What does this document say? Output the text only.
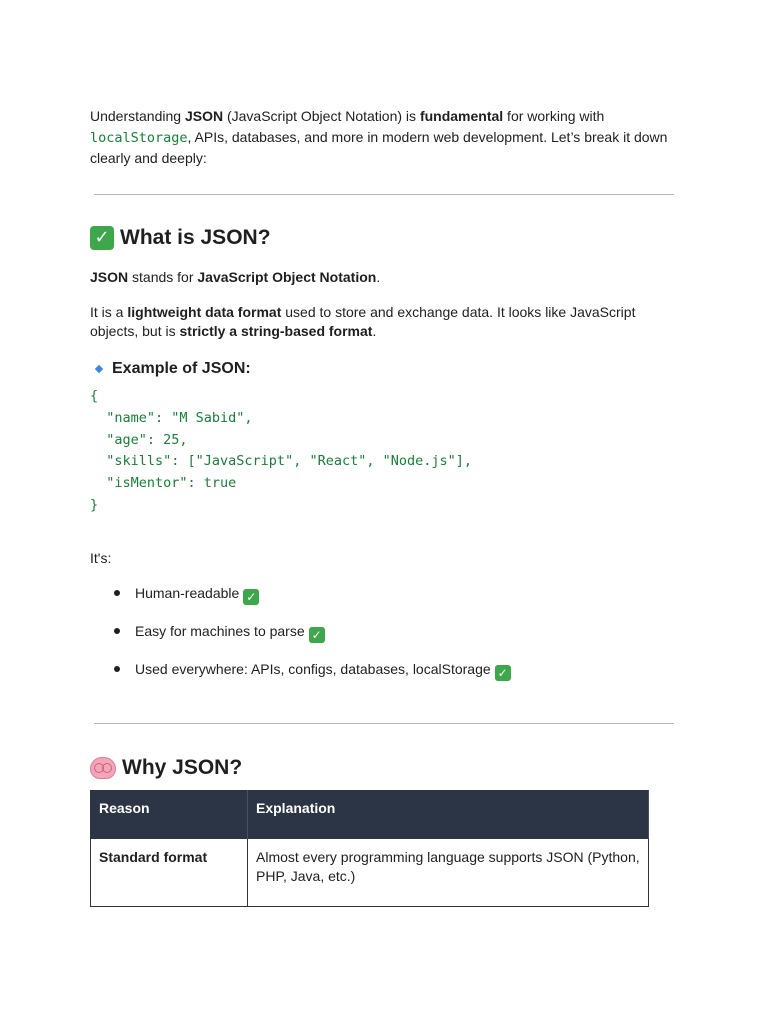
Understanding JSON (JavaScript Object Notation) is fundamental for working with localStorage, APIs, databases, and more in modern web development. Let’s break it down clearly and deeply:

✓ What is JSON?

JSON stands for JavaScript Object Notation.

It is a lightweight data format used to store and exchange data. It looks like JavaScript objects, but is strictly a string-based format.

Example of JSON:
{
"name": "M Sabid",
"age": 25,
"skills": ["JavaScript", "React", "Node.js"],
"isMentor": true
}

It's:

Human-readable ✓
Easy for machines to parse ✓
Used everywhere: APIs, configs, databases, localStorage ✓
Why JSON?
Reason	Explanation
Standard format	Almost every programming language supports JSON (Python, PHP, Java, etc.)
